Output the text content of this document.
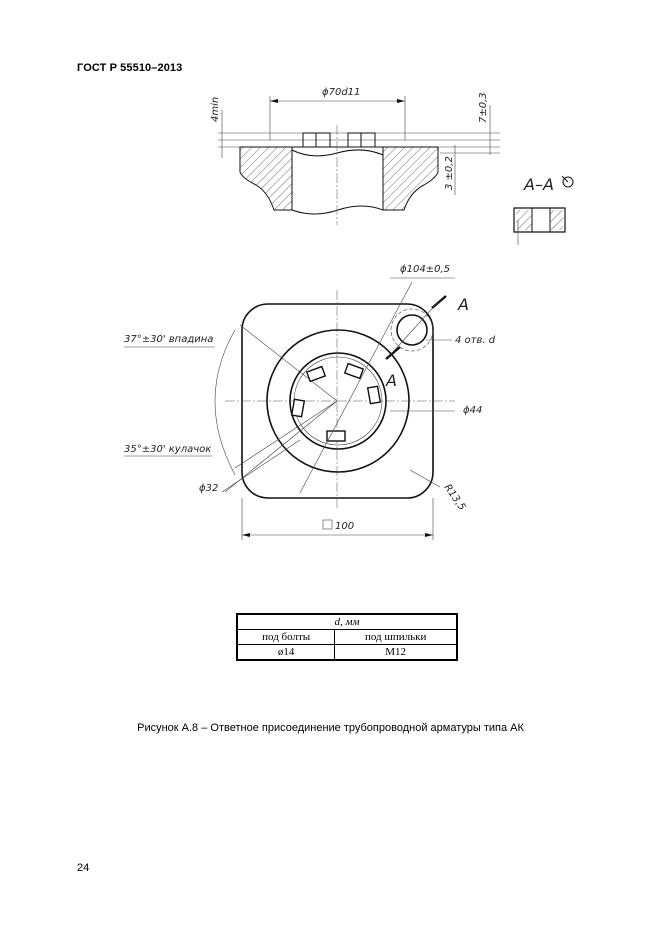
ГОСТ Р 55510–2013
ϕ70d11
4min	7±0,3
3 ±0,2	А–А
ϕ104±0,5
А
А
4 отв. d
ϕ44
37°±30' впадина
35°±30' кулачок
ϕ32	R13,5
100
d, мм	
под болты	под шпильки
ø14	М12
Рисунок А.8 – Ответное присоединение трубопроводной арматуры типа АК
24
